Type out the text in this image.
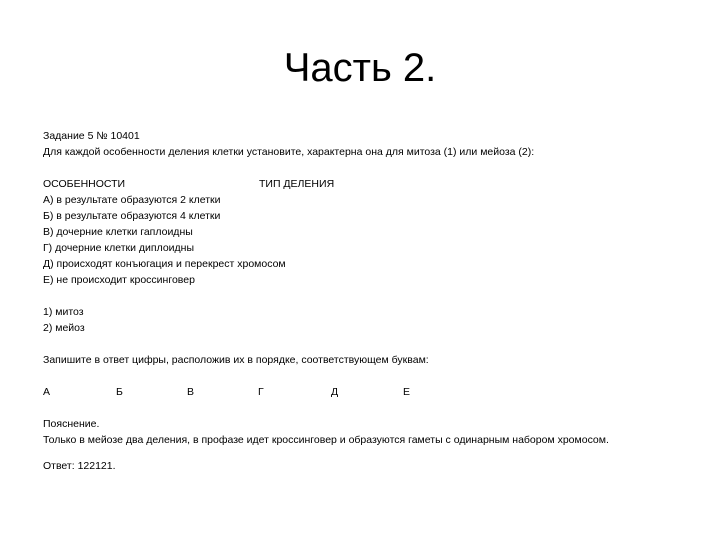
Часть 2.
Задание 5 № 10401
Для каждой особенности деления клетки установите, характерна она для митоза (1) или мейоза (2):
ОСОБЕННОСТИ	ТИП ДЕЛЕНИЯ
А) в результате образуются 2 клетки
Б) в результате образуются 4 клетки
В) дочерние клетки гаплоидны
Г) дочерние клетки диплоидны
Д) происходят конъюгация и перекрест хромосом
Е) не происходит кроссинговер
1) митоз
2) мейоз
Запишите в ответ цифры, расположив их в порядке, соответствующем буквам:
А	Б	В	Г	Д	Е
Пояснение.
Только в мейозе два деления, в профазе идет кроссинговер и образуются гаметы с одинарным набором хромосом.
Ответ: 122121.
